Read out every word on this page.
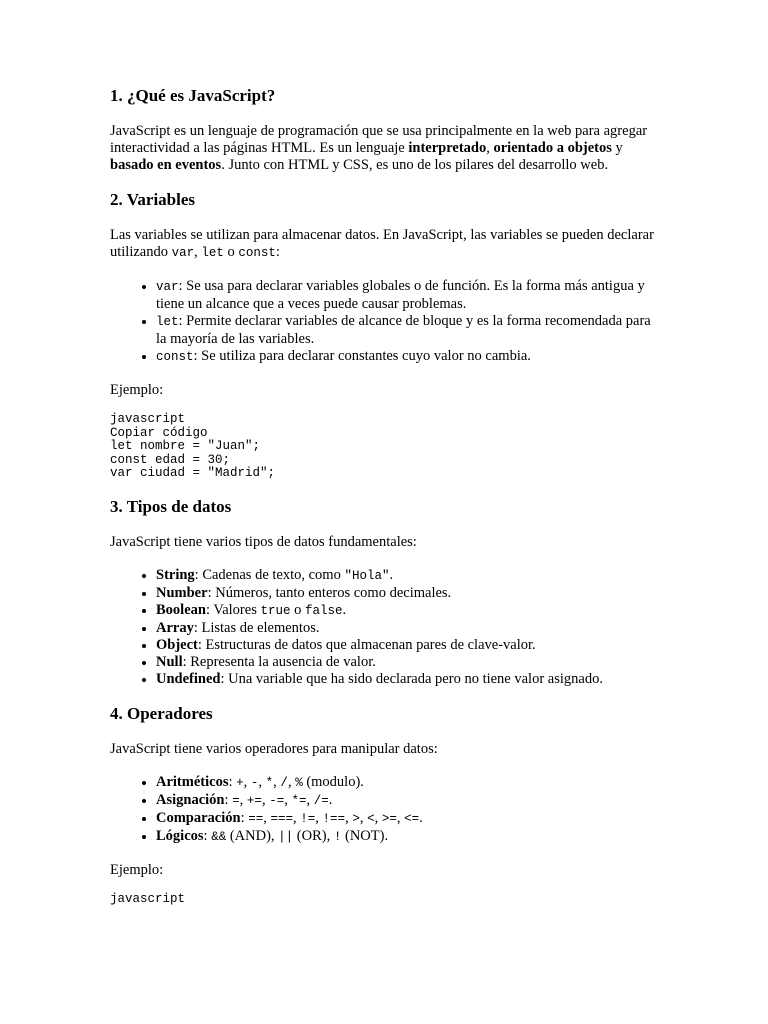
1. ¿Qué es JavaScript?

JavaScript es un lenguaje de programación que se usa principalmente en la web para agregar interactividad a las páginas HTML. Es un lenguaje interpretado, orientado a objetos y basado en eventos. Junto con HTML y CSS, es uno de los pilares del desarrollo web.

2. Variables

Las variables se utilizan para almacenar datos. En JavaScript, las variables se pueden declarar utilizando var, let o const:

• var: Se usa para declarar variables globales o de función. Es la forma más antigua y tiene un alcance que a veces puede causar problemas.
• let: Permite declarar variables de alcance de bloque y es la forma recomendada para la mayoría de las variables.
• const: Se utiliza para declarar constantes cuyo valor no cambia.

Ejemplo:

javascript
Copiar código
let nombre = "Juan";
const edad = 30;
var ciudad = "Madrid";
3. Tipos de datos

JavaScript tiene varios tipos de datos fundamentales:

• String: Cadenas de texto, como "Hola".
• Number: Números, tanto enteros como decimales.
• Boolean: Valores true o false.
• Array: Listas de elementos.
• Object: Estructuras de datos que almacenan pares de clave-valor.
• Null: Representa la ausencia de valor.
• Undefined: Una variable que ha sido declarada pero no tiene valor asignado.
4. Operadores

JavaScript tiene varios operadores para manipular datos:

• Aritméticos: +, -, *, /, % (modulo).
• Asignación: =, +=, -=, *=, /=.
• Comparación: ==, ===, !=, !==, >, <, >=, <=.
• Lógicos: && (AND), || (OR), ! (NOT).

Ejemplo:

javascript
